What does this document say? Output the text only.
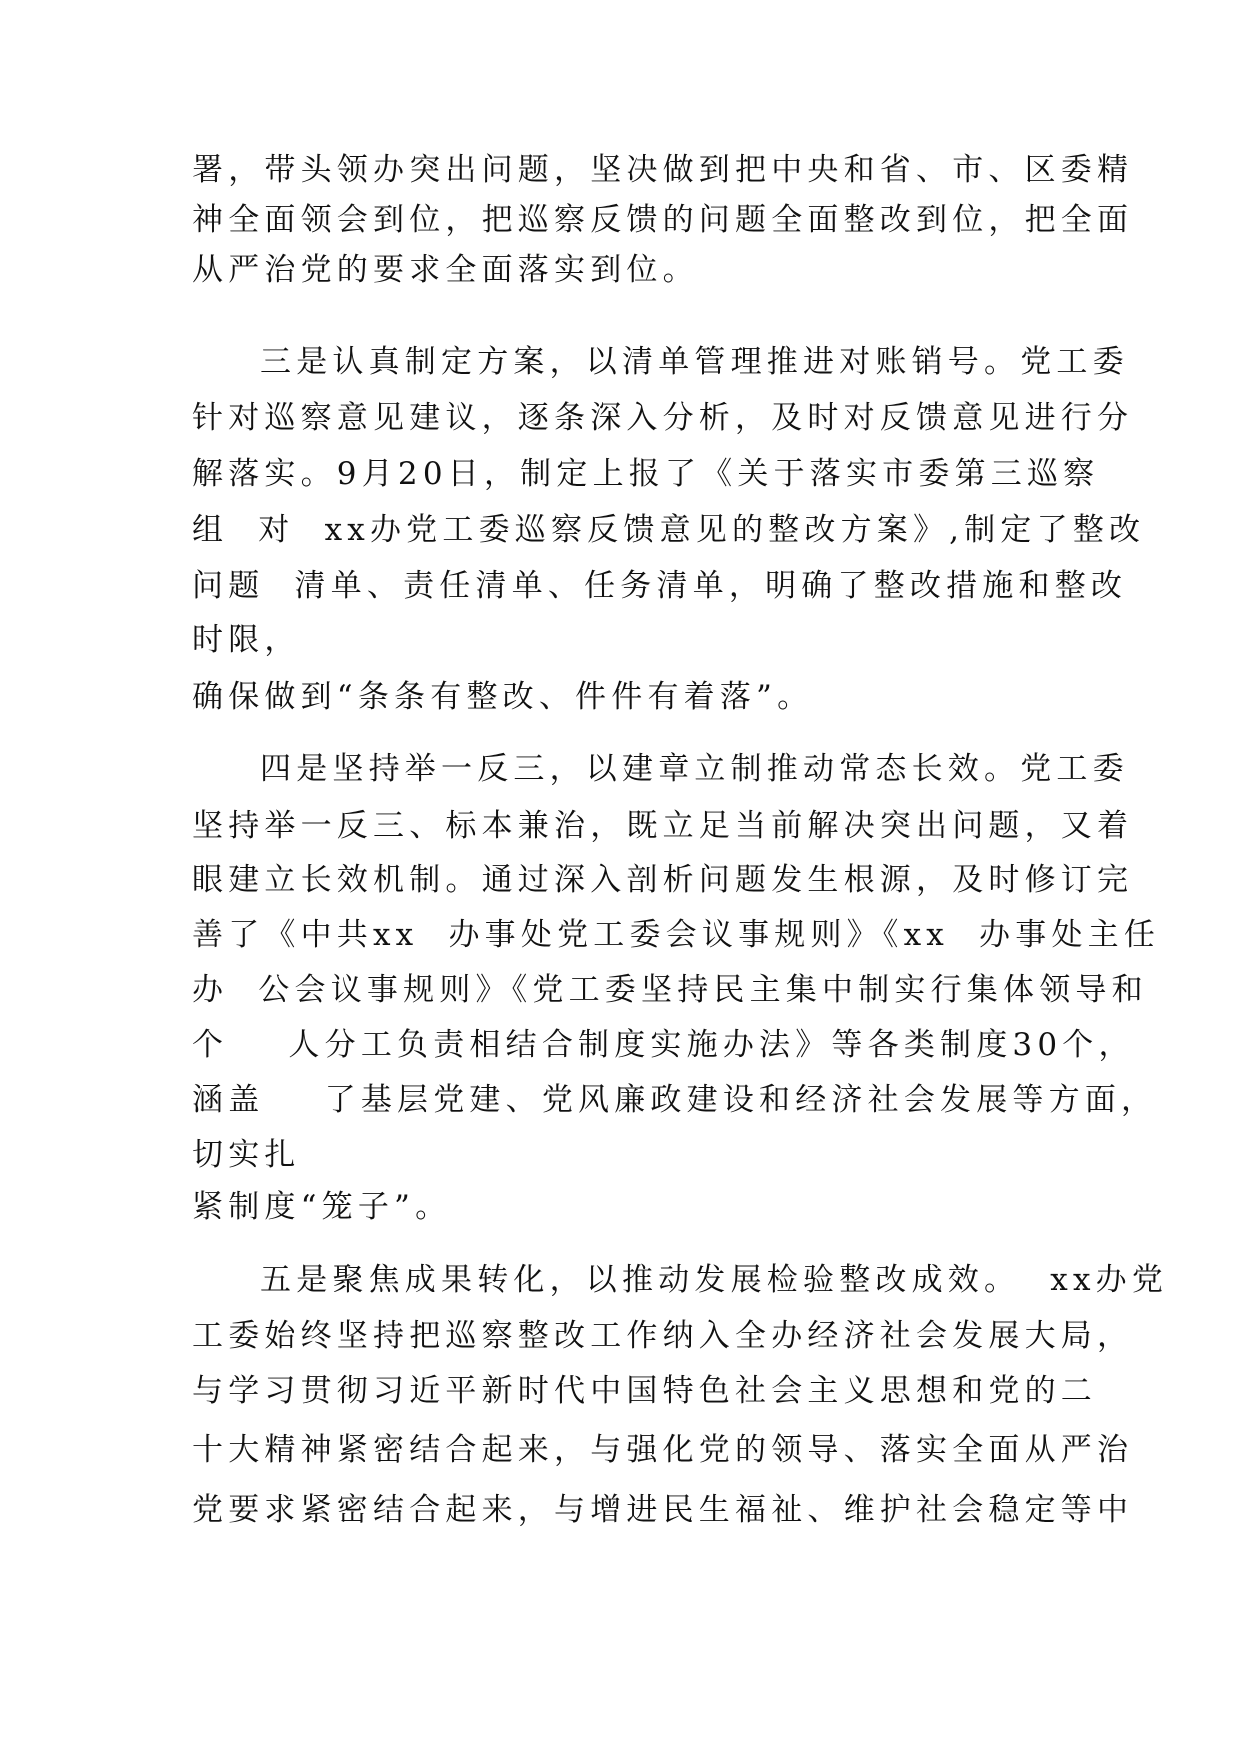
署，带头领办突出问题，坚决做到把中央和省、市、区委精
神全面领会到位，把巡察反馈的问题全面整改到位，把全面
从严治党的要求全面落实到位。
三是认真制定方案，以清单管理推进对账销号。党工委
针对巡察意见建议，逐条深入分析，及时对反馈意见进行分
解落实。9月20日，制定上报了《关于落实市委第三巡察
组  对  xx办党工委巡察反馈意见的整改方案》,制定了整改
问题  清单、责任清单、任务清单，明确了整改措施和整改
时限，
确保做到“条条有整改、件件有着落”。
四是坚持举一反三，以建章立制推动常态长效。党工委
坚持举一反三、标本兼治，既立足当前解决突出问题，又着
眼建立长效机制。通过深入剖析问题发生根源，及时修订完
善了《中共xx  办事处党工委会议事规则》《xx  办事处主任
办  公会议事规则》《党工委坚持民主集中制实行集体领导和
个    人分工负责相结合制度实施办法》等各类制度30个，
涵盖    了基层党建、党风廉政建设和经济社会发展等方面，
切实扎
紧制度“笼子”。
五是聚焦成果转化，以推动发展检验整改成效。  xx办党
工委始终坚持把巡察整改工作纳入全办经济社会发展大局，
与学习贯彻习近平新时代中国特色社会主义思想和党的二
十大精神紧密结合起来，与强化党的领导、落实全面从严治
党要求紧密结合起来，与增进民生福祉、维护社会稳定等中
